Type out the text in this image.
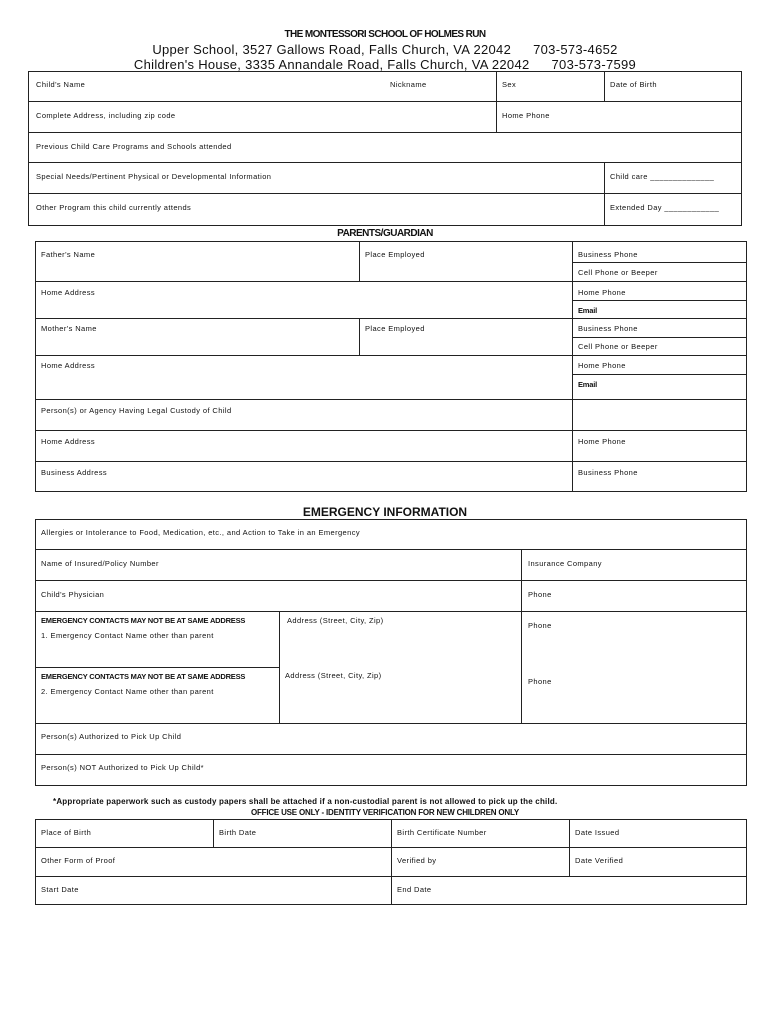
THE MONTESSORI SCHOOL OF HOLMES RUN
Upper School, 3527 Gallows Road, Falls Church, VA 22042 703-573-4652
Children's House, 3335 Annandale Road, Falls Church, VA 22042 703-573-7599
Child's Name	Nickname	Sex	Date of Birth
Complete Address, including zip code	Home Phone
Previous Child Care Programs and Schools attended
Special Needs/Pertinent Physical or Developmental Information	Child care ______________
Other Program this child currently attends	Extended Day ____________
PARENTS/GUARDIAN
Father's Name	Place Employed	Business Phone
Cell Phone or Beeper
Home Address	Home Phone
Email
Mother's Name	Place Employed	Business Phone
Cell Phone or Beeper
Home Address	Home Phone
Email
Person(s) or Agency Having Legal Custody of Child
Home Address	Home Phone
Business Address	Business Phone
EMERGENCY INFORMATION
Allergies or Intolerance to Food, Medication, etc., and Action to Take in an Emergency
Name of Insured/Policy Number	Insurance Company
Child's Physician	Phone
EMERGENCY CONTACTS MAY NOT BE AT SAME ADDRESS
1. Emergency Contact Name other than parent
Address (Street, City, Zip)
Phone
EMERGENCY CONTACTS MAY NOT BE AT SAME ADDRESS
2. Emergency Contact Name other than parent
Address (Street, City, Zip)
Phone
Person(s) Authorized to Pick Up Child
Person(s) NOT Authorized to Pick Up Child*
*Appropriate paperwork such as custody papers shall be attached if a non-custodial parent is not allowed to pick up the child.
OFFICE USE ONLY - IDENTITY VERIFICATION FOR NEW CHILDREN ONLY
Place of Birth	Birth Date	Birth Certificate Number	Date Issued
Other Form of Proof	Verified by	Date Verified
Start Date	End Date
